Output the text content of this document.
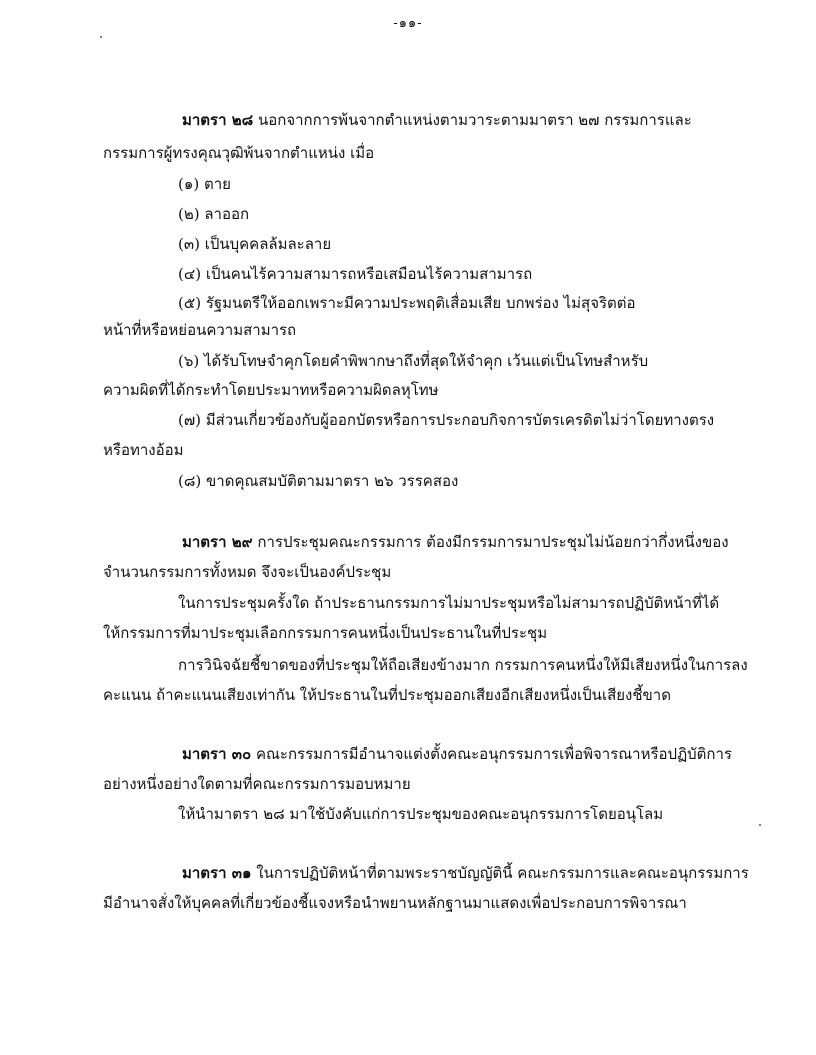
-๑๑-
มาตรา ๒๘ นอกจากการพ้นจากตำแหน่งตามวาระตามมาตรา ๒๗ กรรมการและ
กรรมการผู้ทรงคุณวุฒิพ้นจากตำแหน่ง เมื่อ
(๑) ตาย
(๒) ลาออก
(๓) เป็นบุคคลล้มละลาย
(๔) เป็นคนไร้ความสามารถหรือเสมือนไร้ความสามารถ
(๕) รัฐมนตรีให้ออกเพราะมีความประพฤติเสื่อมเสีย บกพร่อง ไม่สุจริตต่อ
หน้าที่หรือหย่อนความสามารถ
(๖) ได้รับโทษจำคุกโดยคำพิพากษาถึงที่สุดให้จำคุก เว้นแต่เป็นโทษสำหรับ
ความผิดที่ได้กระทำโดยประมาทหรือความผิดลหุโทษ
(๗) มีส่วนเกี่ยวข้องกับผู้ออกบัตรหรือการประกอบกิจการบัตรเครดิตไม่ว่าโดยทางตรง
หรือทางอ้อม
(๘) ขาดคุณสมบัติตามมาตรา ๒๖ วรรคสอง
มาตรา ๒๙ การประชุมคณะกรรมการ ต้องมีกรรมการมาประชุมไม่น้อยกว่ากึ่งหนึ่งของ
จำนวนกรรมการทั้งหมด จึงจะเป็นองค์ประชุม
ในการประชุมครั้งใด ถ้าประธานกรรมการไม่มาประชุมหรือไม่สามารถปฏิบัติหน้าที่ได้
ให้กรรมการที่มาประชุมเลือกกรรมการคนหนึ่งเป็นประธานในที่ประชุม
การวินิจฉัยชี้ขาดของที่ประชุมให้ถือเสียงข้างมาก กรรมการคนหนึ่งให้มีเสียงหนึ่งในการลง
คะแนน ถ้าคะแนนเสียงเท่ากัน ให้ประธานในที่ประชุมออกเสียงอีกเสียงหนึ่งเป็นเสียงชี้ขาด
มาตรา ๓๐ คณะกรรมการมีอำนาจแต่งตั้งคณะอนุกรรมการเพื่อพิจารณาหรือปฏิบัติการ
อย่างหนึ่งอย่างใดตามที่คณะกรรมการมอบหมาย
ให้นำมาตรา ๒๘ มาใช้บังคับแก่การประชุมของคณะอนุกรรมการโดยอนุโลม
มาตรา ๓๑ ในการปฏิบัติหน้าที่ตามพระราชบัญญัตินี้ คณะกรรมการและคณะอนุกรรมการ
มีอำนาจสั่งให้บุคคลที่เกี่ยวข้องชี้แจงหรือนำพยานหลักฐานมาแสดงเพื่อประกอบการพิจารณา
